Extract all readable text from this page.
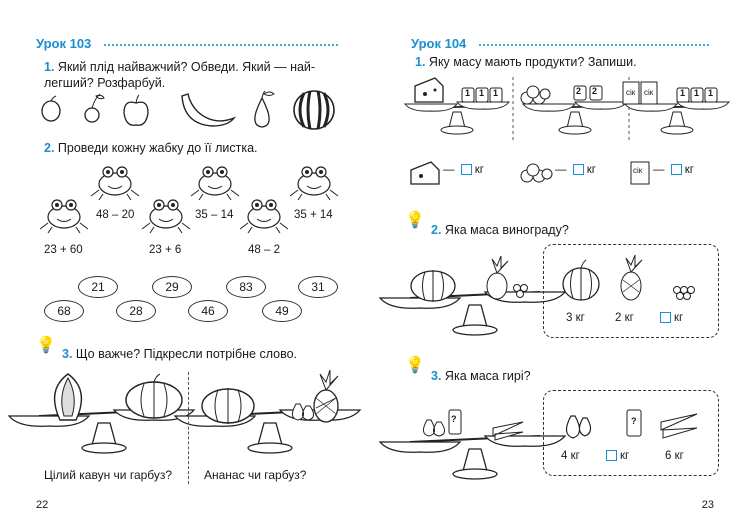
Урок 103
1. Який плід найважчий? Обведи. Який — най-
легший? Розфарбуй.
2. Проведи кожну жабку до її листка.
48 – 20	35 – 14	35 + 14
23 + 60	23 + 6	48 – 2
21	29	83	31
68	28	46	49
💡 3. Що важче? Підкресли потрібне слово.
Цілий кавун чи гарбуз?	Ананас чи гарбуз?
22
Урок 104
1. Яку масу мають продукти? Запиши.
1 1 1	2 2	1 1 1
сік сік
— кг	— кг	сік — кг
💡
2. Яка маса винограду?
3 кг	2 кг	кг
💡
3. Яка маса гирі?
?	?
4 кг	кг	6 кг
23
